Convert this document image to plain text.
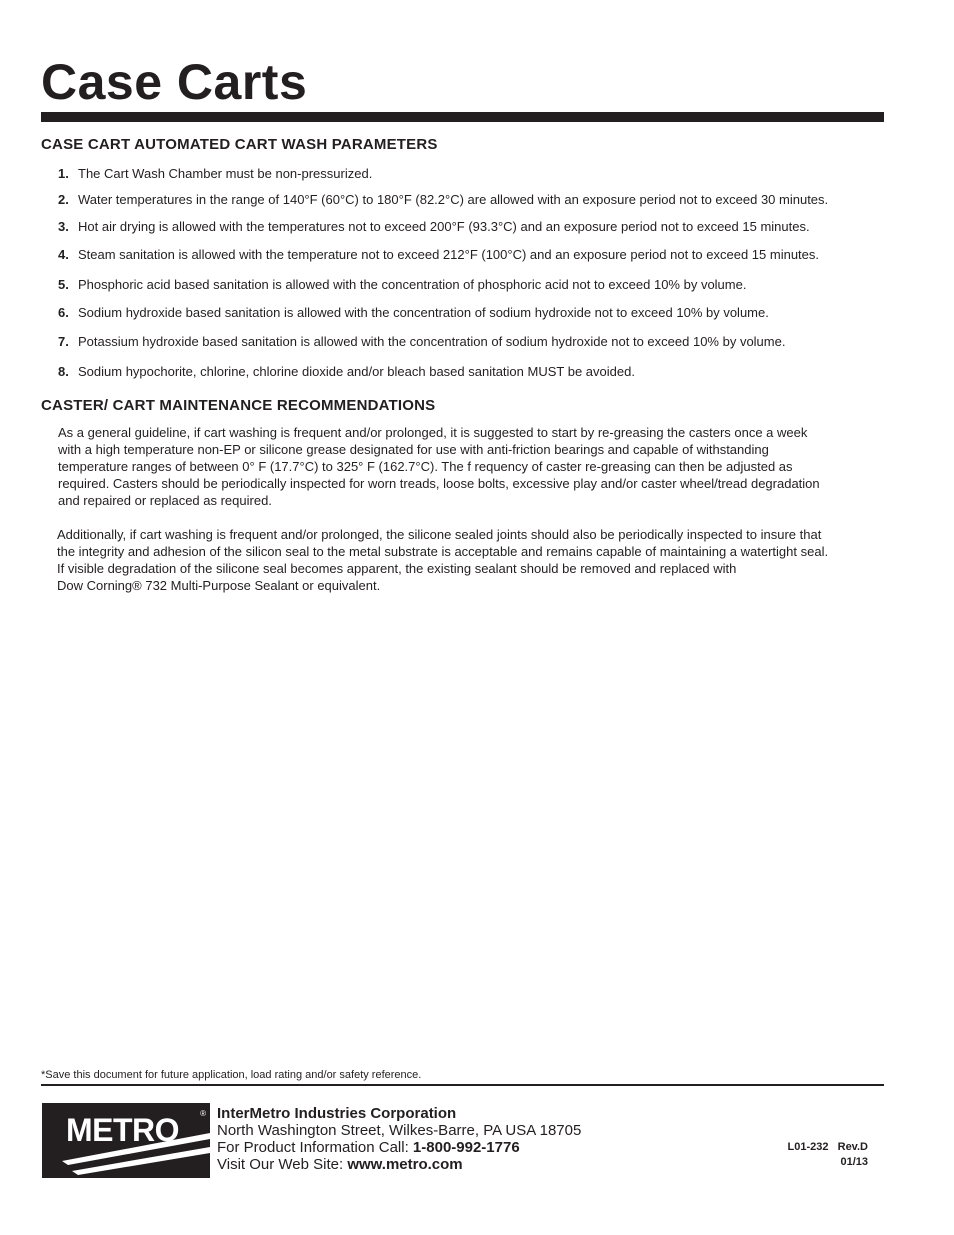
Case Carts
CASE CART AUTOMATED CART WASH PARAMETERS
1. The Cart Wash Chamber must be non-pressurized.
2. Water temperatures in the range of 140°F (60°C) to 180°F (82.2°C) are allowed with an exposure period not to exceed 30 minutes.
3. Hot air drying is allowed with the temperatures not to exceed 200°F (93.3°C) and an exposure period not to exceed 15 minutes.
4. Steam sanitation is allowed with the temperature not to exceed 212°F (100°C) and an exposure period not to exceed 15 minutes.
5. Phosphoric acid based sanitation is allowed with the concentration of phosphoric acid not to exceed 10% by volume.
6. Sodium hydroxide based sanitation is allowed with the concentration of sodium hydroxide not to exceed 10% by volume.
7. Potassium hydroxide based sanitation is allowed with the concentration of sodium hydroxide not to exceed 10% by volume.
8. Sodium hypochorite, chlorine, chlorine dioxide and/or bleach based sanitation MUST be avoided.
CASTER/ CART MAINTENANCE RECOMMENDATIONS
As a general guideline, if cart washing is frequent and/or prolonged, it is suggested to start by re-greasing the casters once a week
with a high temperature non-EP or silicone grease designated for use with anti-friction bearings and capable of withstanding
temperature ranges of between 0° F (17.7°C) to 325° F (162.7°C). The f requency of caster re-greasing can then be adjusted as
required. Casters should be periodically inspected for worn treads, loose bolts, excessive play and/or caster wheel/tread degradation
and repaired or replaced as required.
Additionally, if cart washing is frequent and/or prolonged, the silicone sealed joints should also be periodically inspected to insure that
the integrity and adhesion of the silicon seal to the metal substrate is acceptable and remains capable of maintaining a watertight seal.
If visible degradation of the silicone seal becomes apparent, the existing sealant should be removed and replaced with
Dow Corning® 732 Multi-Purpose Sealant or equivalent.
*Save this document for future application, load rating and/or safety reference.
METRO	® InterMetro Industries Corporation
North Washington Street, Wilkes-Barre, PA USA 18705
For Product Information Call: 1-800-992-1776
Visit Our Web Site: www.metro.com
L01-232   Rev.D
01/13
